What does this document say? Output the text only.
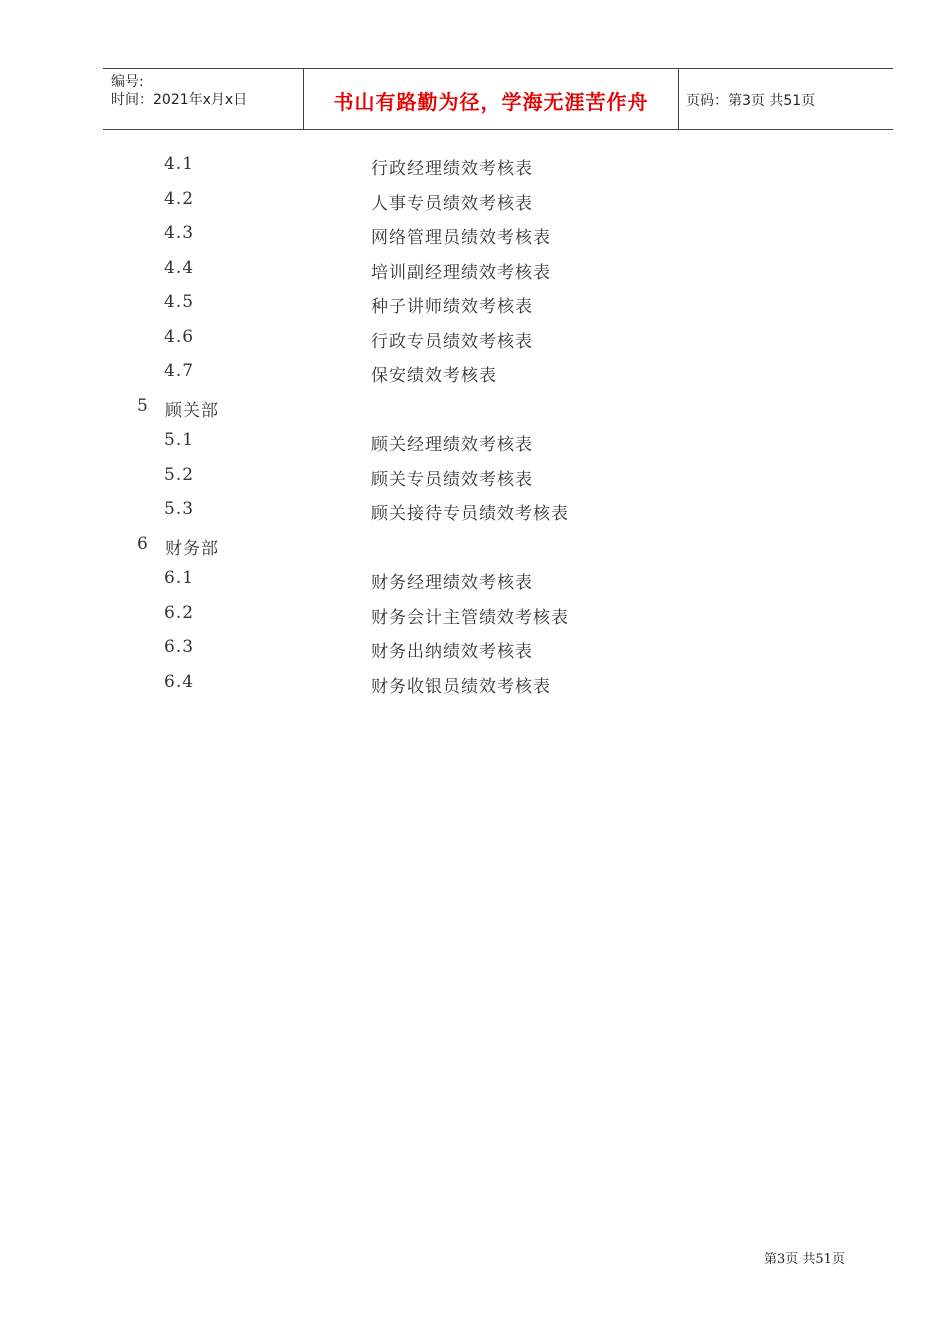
编号:
时间：2021年x月x日	书山有路勤为径，学海无涯苦作舟	页码：第3页 共51页
4.1	行政经理绩效考核表
4.2	人事专员绩效考核表
4.3	网络管理员绩效考核表
4.4	培训副经理绩效考核表
4.5	种子讲师绩效考核表
4.6	行政专员绩效考核表
4.7	保安绩效考核表
5 顾关部
5.1	顾关经理绩效考核表
5.2	顾关专员绩效考核表
5.3	顾关接待专员绩效考核表
6 财务部
6.1	财务经理绩效考核表
6.2	财务会计主管绩效考核表
6.3	财务出纳绩效考核表
6.4	财务收银员绩效考核表
第3页 共51页
